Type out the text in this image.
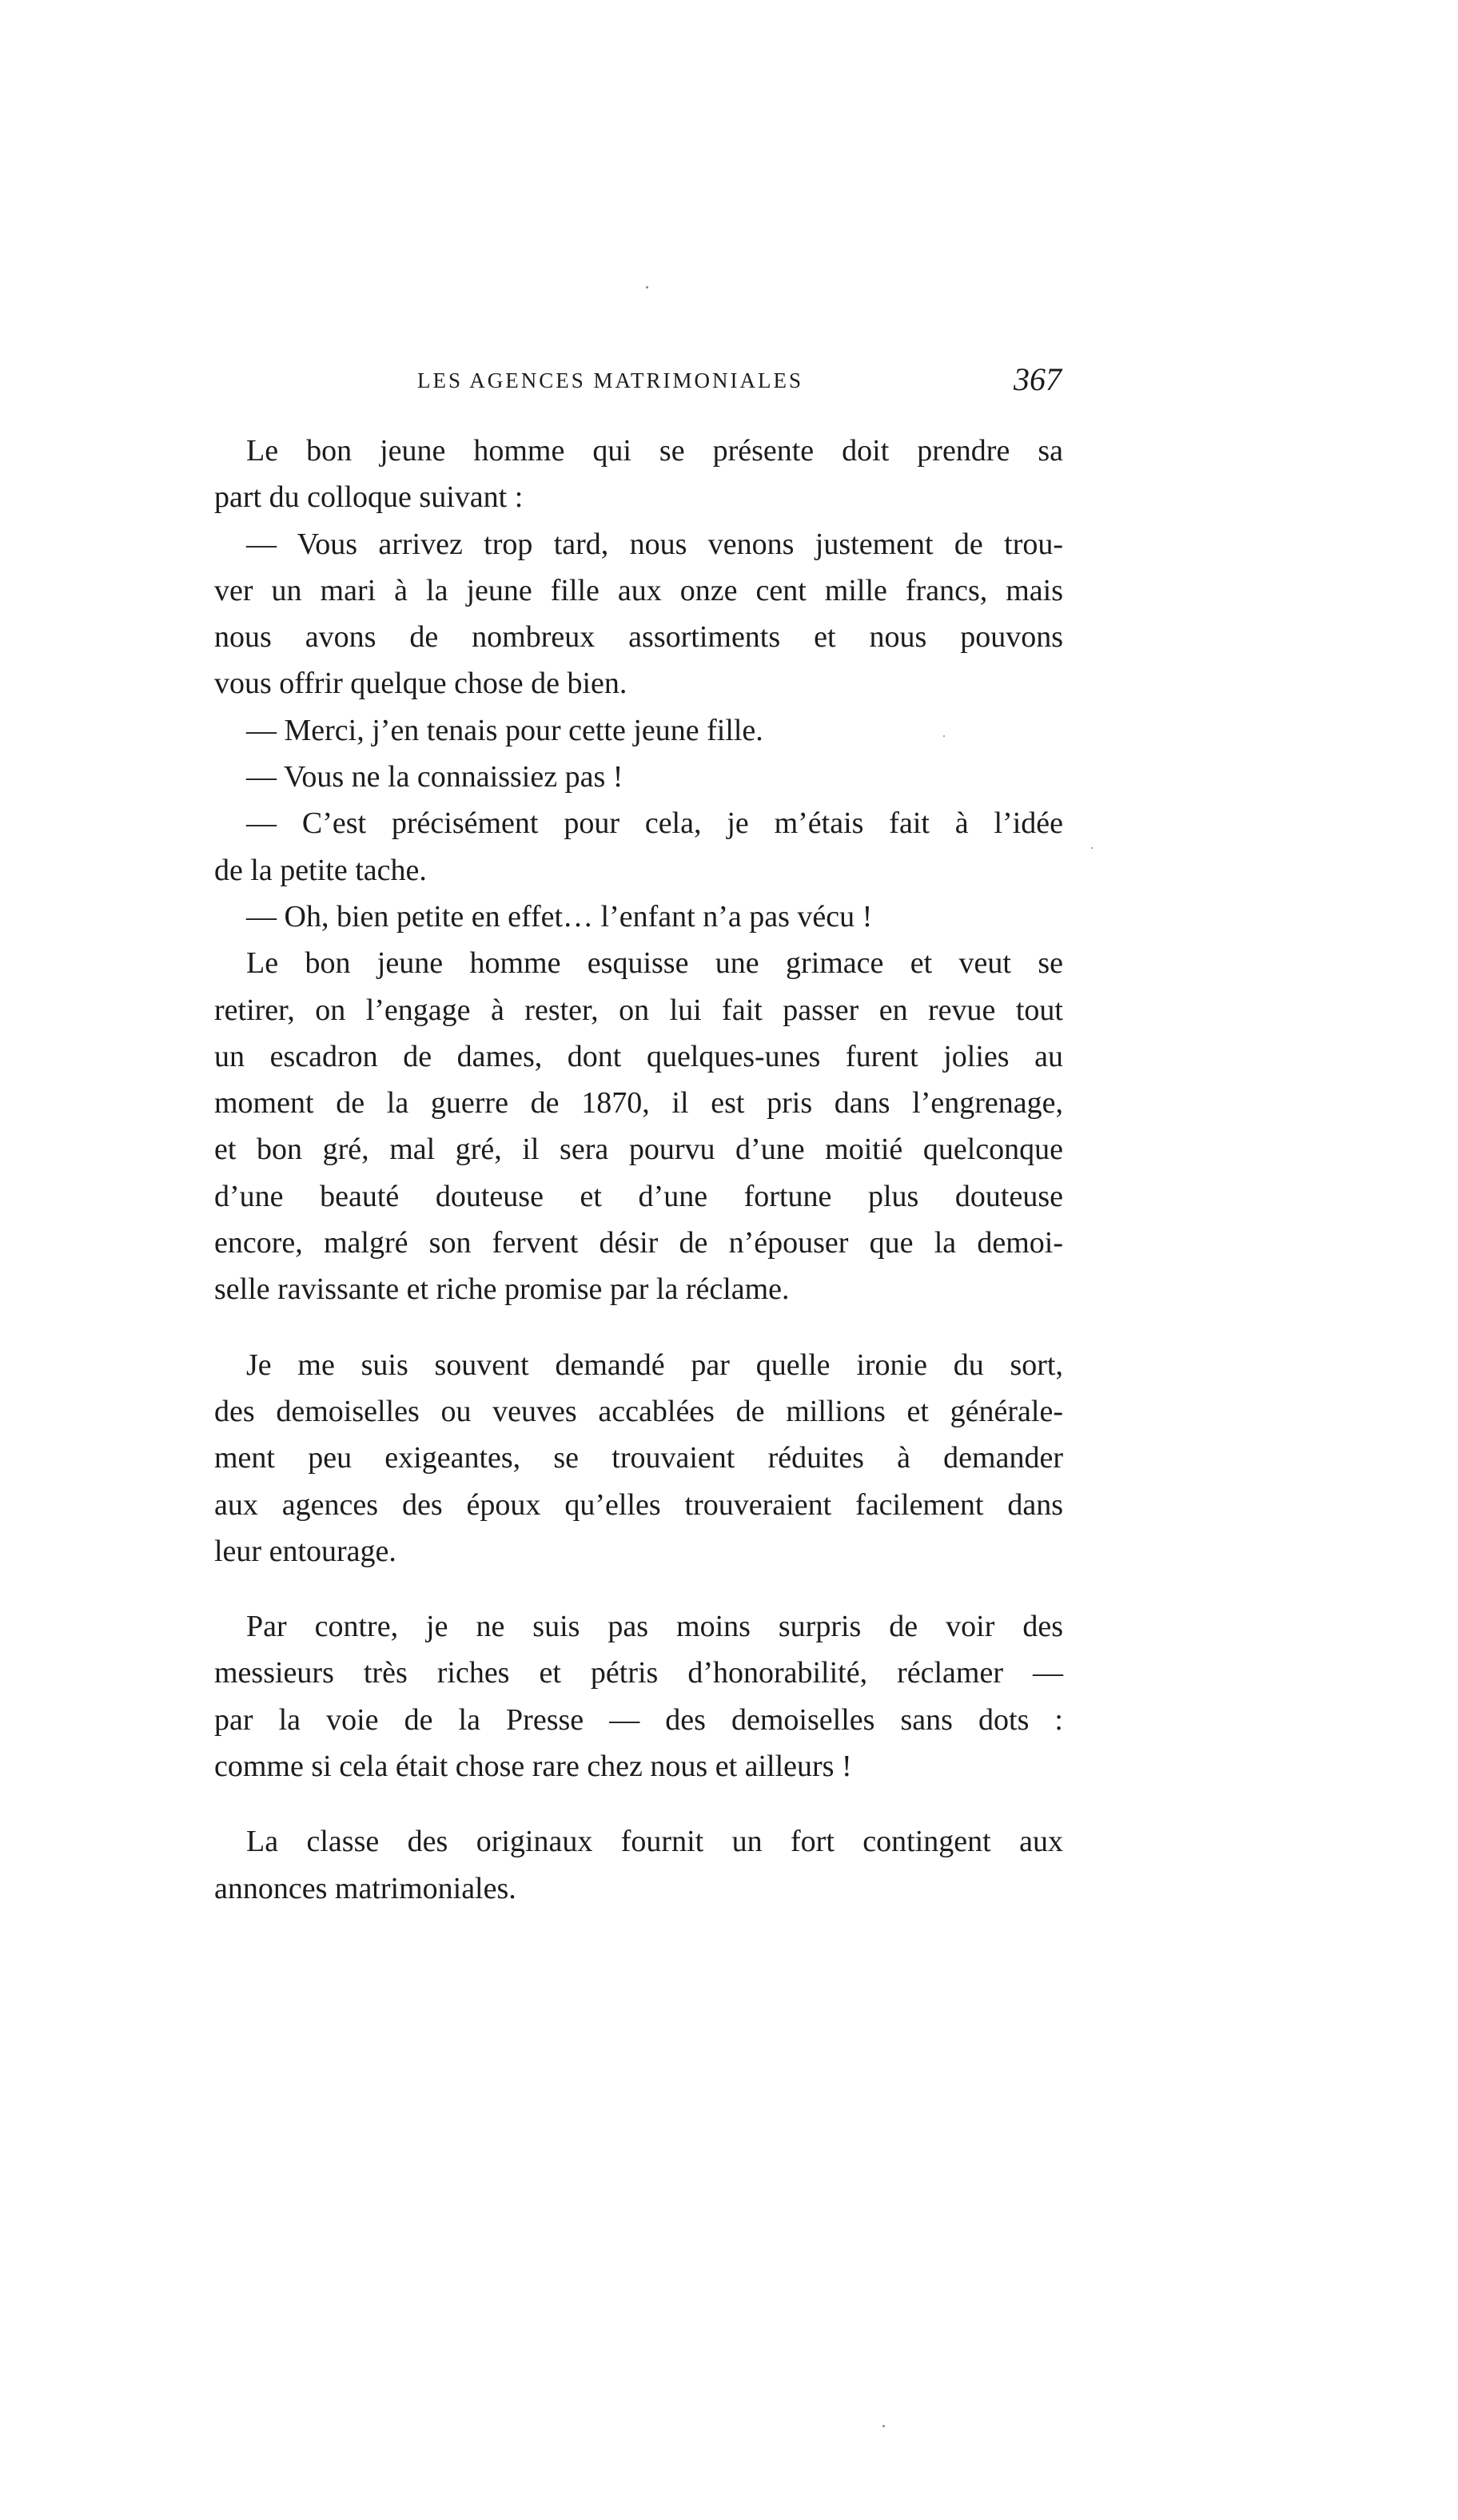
LES AGENCES MATRIMONIALES	367
Le bon jeune homme qui se présente doit prendre sa
part du colloque suivant :
— Vous arrivez trop tard, nous venons justement de trou-
ver un mari à la jeune fille aux onze cent mille francs, mais
nous avons de nombreux assortiments et nous pouvons
vous offrir quelque chose de bien.
— Merci, j’en tenais pour cette jeune fille.
— Vous ne la connaissiez pas !
— C’est précisément pour cela, je m’étais fait à l’idée
de la petite tache.
— Oh, bien petite en effet… l’enfant n’a pas vécu !
Le bon jeune homme esquisse une grimace et veut se
retirer, on l’engage à rester, on lui fait passer en revue tout
un escadron de dames, dont quelques-unes furent jolies au
moment de la guerre de 1870, il est pris dans l’engrenage,
et bon gré, mal gré, il sera pourvu d’une moitié quelconque
d’une beauté douteuse et d’une fortune plus douteuse
encore, malgré son fervent désir de n’épouser que la demoi-
selle ravissante et riche promise par la réclame.
Je me suis souvent demandé par quelle ironie du sort,
des demoiselles ou veuves accablées de millions et générale-
ment peu exigeantes, se trouvaient réduites à demander
aux agences des époux qu’elles trouveraient facilement dans
leur entourage.
Par contre, je ne suis pas moins surpris de voir des
messieurs très riches et pétris d’honorabilité, réclamer —
par la voie de la Presse — des demoiselles sans dots :
comme si cela était chose rare chez nous et ailleurs !
La classe des originaux fournit un fort contingent aux
annonces matrimoniales.
